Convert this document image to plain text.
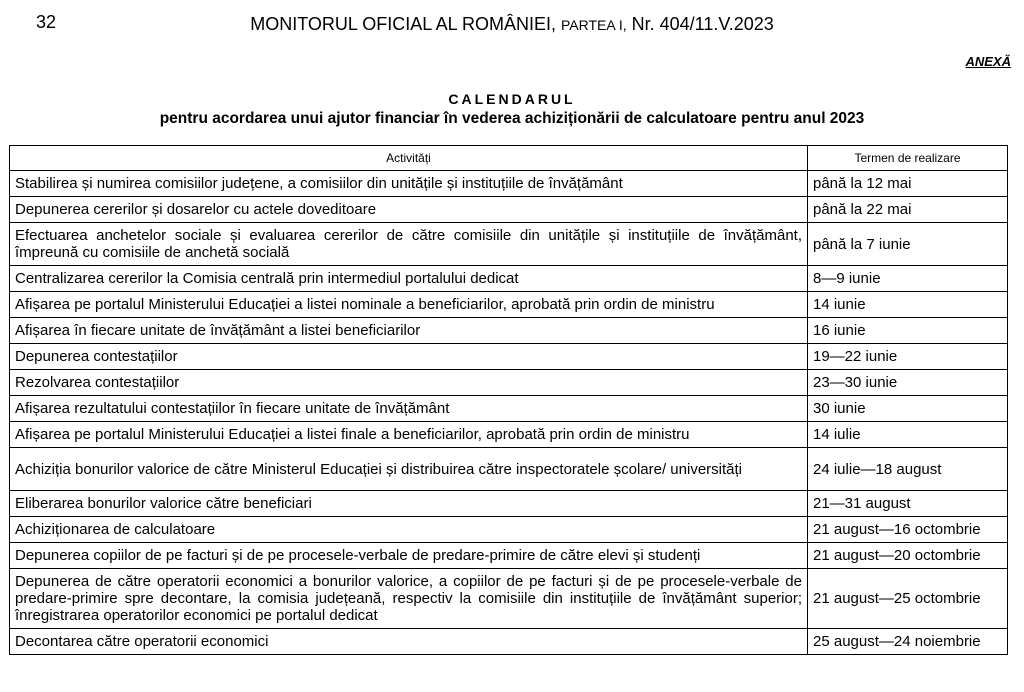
32	MONITORUL OFICIAL AL ROMÂNIEI, PARTEA I, Nr. 404/11.V.2023
ANEXĂ
CALENDARUL
pentru acordarea unui ajutor financiar în vederea achiziționării de calculatoare pentru anul 2023
Activități	Termen de realizare
Stabilirea și numirea comisiilor județene, a comisiilor din unitățile și instituțiile de învățământ	până la 12 mai
Depunerea cererilor și dosarelor cu actele doveditoare	până la 22 mai
Efectuarea anchetelor sociale și evaluarea cererilor de către comisiile din unitățile și instituțiile de învățământ, împreună cu comisiile de anchetă socială	până la 7 iunie
Centralizarea cererilor la Comisia centrală prin intermediul portalului dedicat	8—9 iunie
Afișarea pe portalul Ministerului Educației a listei nominale a beneficiarilor, aprobată prin ordin de ministru	14 iunie
Afișarea în fiecare unitate de învățământ a listei beneficiarilor	16 iunie
Depunerea contestațiilor	19—22 iunie
Rezolvarea contestațiilor	23—30 iunie
Afișarea rezultatului contestațiilor în fiecare unitate de învățământ	30 iunie
Afișarea pe portalul Ministerului Educației a listei finale a beneficiarilor, aprobată prin ordin de ministru	14 iulie
Achiziția bonurilor valorice de către Ministerul Educației și distribuirea către inspectoratele școlare/ universități	24 iulie—18 august
Eliberarea bonurilor valorice către beneficiari	21—31 august
Achiziționarea de calculatoare	21 august—16 octombrie
Depunerea copiilor de pe facturi și de pe procesele-verbale de predare-primire de către elevi și studenți	21 august—20 octombrie
Depunerea de către operatorii economici a bonurilor valorice, a copiilor de pe facturi și de pe procesele-verbale de predare-primire spre decontare, la comisia județeană, respectiv la comisiile din instituțiile de învățământ superior; înregistrarea operatorilor economici pe portalul dedicat	21 august—25 octombrie
Decontarea către operatorii economici	25 august—24 noiembrie
